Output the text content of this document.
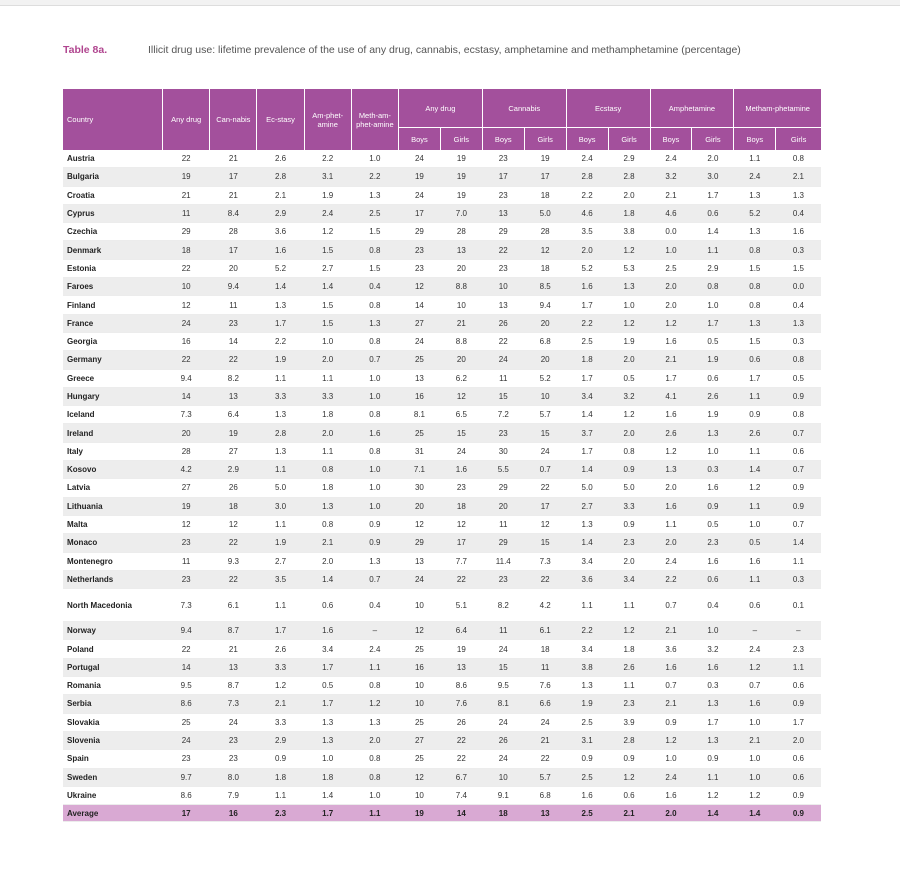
Table 8a.	Illicit drug use: lifetime prevalence of the use of any drug, cannabis, ecstasy, amphetamine and methamphetamine (percentage)
Country	Any drug	Can-nabis	Ec-stasy	Am-phet-amine	Meth-am-phet-amine	Any drug		Cannabis		Ecstasy		Amphetamine		Metham-phetamine	
						Boys	Girls	Boys	Girls	Boys	Girls	Boys	Girls	Boys	Girls
Austria	22	21	2.6	2.2	1.0	24	19	23	19	2.4	2.9	2.4	2.0	1.1	0.8
Bulgaria	19	17	2.8	3.1	2.2	19	19	17	17	2.8	2.8	3.2	3.0	2.4	2.1
Croatia	21	21	2.1	1.9	1.3	24	19	23	18	2.2	2.0	2.1	1.7	1.3	1.3
Cyprus	11	8.4	2.9	2.4	2.5	17	7.0	13	5.0	4.6	1.8	4.6	0.6	5.2	0.4
Czechia	29	28	3.6	1.2	1.5	29	28	29	28	3.5	3.8	0.0	1.4	1.3	1.6
Denmark	18	17	1.6	1.5	0.8	23	13	22	12	2.0	1.2	1.0	1.1	0.8	0.3
Estonia	22	20	5.2	2.7	1.5	23	20	23	18	5.2	5.3	2.5	2.9	1.5	1.5
Faroes	10	9.4	1.4	1.4	0.4	12	8.8	10	8.5	1.6	1.3	2.0	0.8	0.8	0.0
Finland	12	11	1.3	1.5	0.8	14	10	13	9.4	1.7	1.0	2.0	1.0	0.8	0.4
France	24	23	1.7	1.5	1.3	27	21	26	20	2.2	1.2	1.2	1.7	1.3	1.3
Georgia	16	14	2.2	1.0	0.8	24	8.8	22	6.8	2.5	1.9	1.6	0.5	1.5	0.3
Germany	22	22	1.9	2.0	0.7	25	20	24	20	1.8	2.0	2.1	1.9	0.6	0.8
Greece	9.4	8.2	1.1	1.1	1.0	13	6.2	11	5.2	1.7	0.5	1.7	0.6	1.7	0.5
Hungary	14	13	3.3	3.3	1.0	16	12	15	10	3.4	3.2	4.1	2.6	1.1	0.9
Iceland	7.3	6.4	1.3	1.8	0.8	8.1	6.5	7.2	5.7	1.4	1.2	1.6	1.9	0.9	0.8
Ireland	20	19	2.8	2.0	1.6	25	15	23	15	3.7	2.0	2.6	1.3	2.6	0.7
Italy	28	27	1.3	1.1	0.8	31	24	30	24	1.7	0.8	1.2	1.0	1.1	0.6
Kosovo	4.2	2.9	1.1	0.8	1.0	7.1	1.6	5.5	0.7	1.4	0.9	1.3	0.3	1.4	0.7
Latvia	27	26	5.0	1.8	1.0	30	23	29	22	5.0	5.0	2.0	1.6	1.2	0.9
Lithuania	19	18	3.0	1.3	1.0	20	18	20	17	2.7	3.3	1.6	0.9	1.1	0.9
Malta	12	12	1.1	0.8	0.9	12	12	11	12	1.3	0.9	1.1	0.5	1.0	0.7
Monaco	23	22	1.9	2.1	0.9	29	17	29	15	1.4	2.3	2.0	2.3	0.5	1.4
Montenegro	11	9.3	2.7	2.0	1.3	13	7.7	11.4	7.3	3.4	2.0	2.4	1.6	1.6	1.1
Netherlands	23	22	3.5	1.4	0.7	24	22	23	22	3.6	3.4	2.2	0.6	1.1	0.3
North Macedonia	7.3	6.1	1.1	0.6	0.4	10	5.1	8.2	4.2	1.1	1.1	0.7	0.4	0.6	0.1
Norway	9.4	8.7	1.7	1.6	–	12	6.4	11	6.1	2.2	1.2	2.1	1.0	–	–
Poland	22	21	2.6	3.4	2.4	25	19	24	18	3.4	1.8	3.6	3.2	2.4	2.3
Portugal	14	13	3.3	1.7	1.1	16	13	15	11	3.8	2.6	1.6	1.6	1.2	1.1
Romania	9.5	8.7	1.2	0.5	0.8	10	8.6	9.5	7.6	1.3	1.1	0.7	0.3	0.7	0.6
Serbia	8.6	7.3	2.1	1.7	1.2	10	7.6	8.1	6.6	1.9	2.3	2.1	1.3	1.6	0.9
Slovakia	25	24	3.3	1.3	1.3	25	26	24	24	2.5	3.9	0.9	1.7	1.0	1.7
Slovenia	24	23	2.9	1.3	2.0	27	22	26	21	3.1	2.8	1.2	1.3	2.1	2.0
Spain	23	23	0.9	1.0	0.8	25	22	24	22	0.9	0.9	1.0	0.9	1.0	0.6
Sweden	9.7	8.0	1.8	1.8	0.8	12	6.7	10	5.7	2.5	1.2	2.4	1.1	1.0	0.6
Ukraine	8.6	7.9	1.1	1.4	1.0	10	7.4	9.1	6.8	1.6	0.6	1.6	1.2	1.2	0.9
Average	17	16	2.3	1.7	1.1	19	14	18	13	2.5	2.1	2.0	1.4	1.4	0.9
